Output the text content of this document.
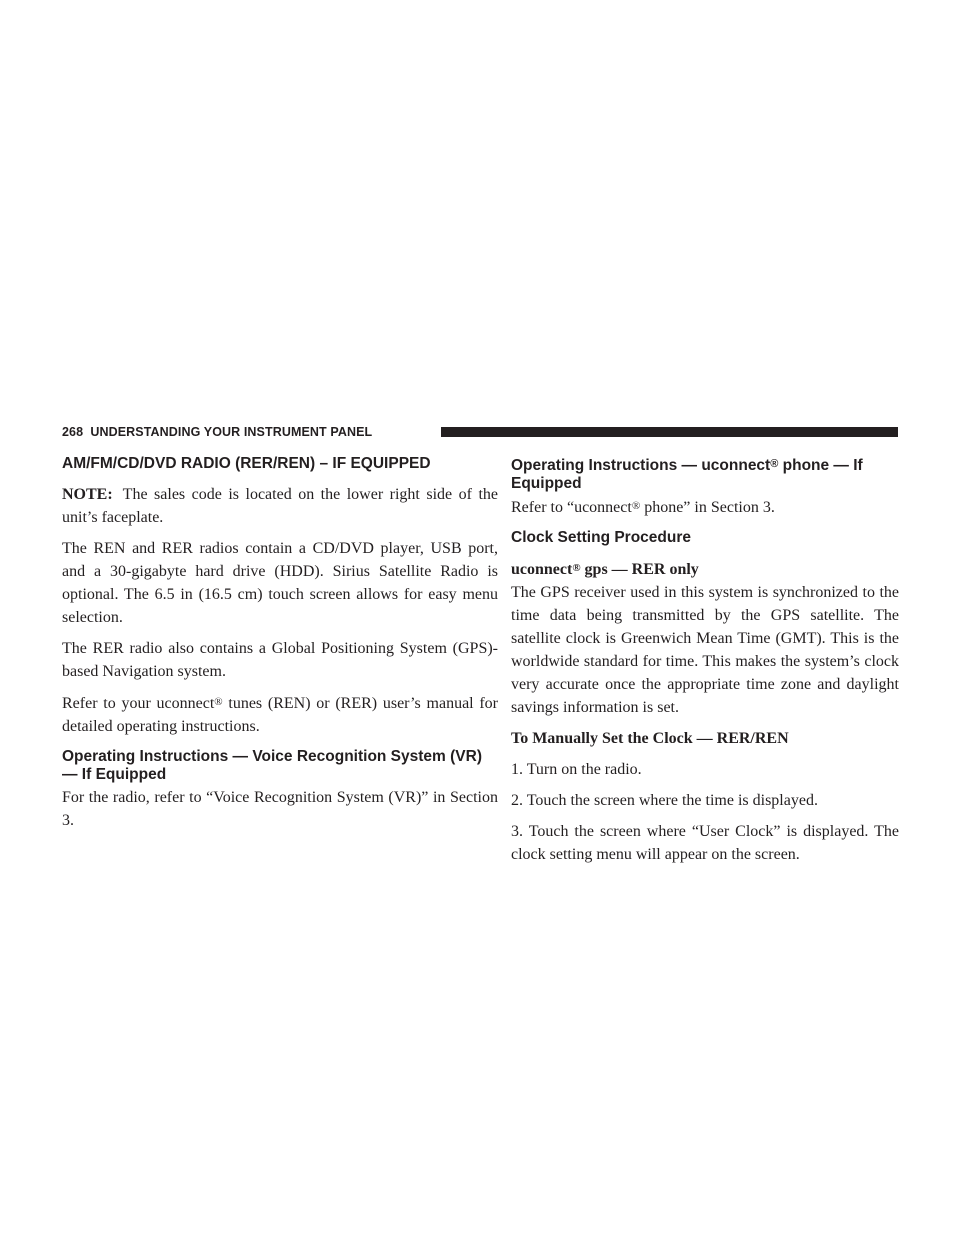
268 UNDERSTANDING YOUR INSTRUMENT PANEL
AM/FM/CD/DVD RADIO (RER/REN) – IF EQUIPPED

NOTE: The sales code is located on the lower right side of the unit’s faceplate.

The REN and RER radios contain a CD/DVD player, USB port, and a 30-gigabyte hard drive (HDD). Sirius Satellite Radio is optional. The 6.5 in (16.5 cm) touch screen allows for easy menu selection.

The RER radio also contains a Global Positioning System (GPS)-based Navigation system.

Refer to your uconnect® tunes (REN) or (RER) user’s manual for detailed operating instructions.

Operating Instructions — Voice Recognition System (VR) — If Equipped

For the radio, refer to “Voice Recognition System (VR)” in Section 3.

Operating Instructions — uconnect® phone — If Equipped

Refer to “uconnect® phone” in Section 3.

Clock Setting Procedure

uconnect® gps — RER only

The GPS receiver used in this system is synchronized to the time data being transmitted by the GPS satellite. The satellite clock is Greenwich Mean Time (GMT). This is the worldwide standard for time. This makes the system’s clock very accurate once the appropriate time zone and daylight savings information is set.

To Manually Set the Clock — RER/REN

1. Turn on the radio.

2. Touch the screen where the time is displayed.

3. Touch the screen where “User Clock” is displayed. The clock setting menu will appear on the screen.
